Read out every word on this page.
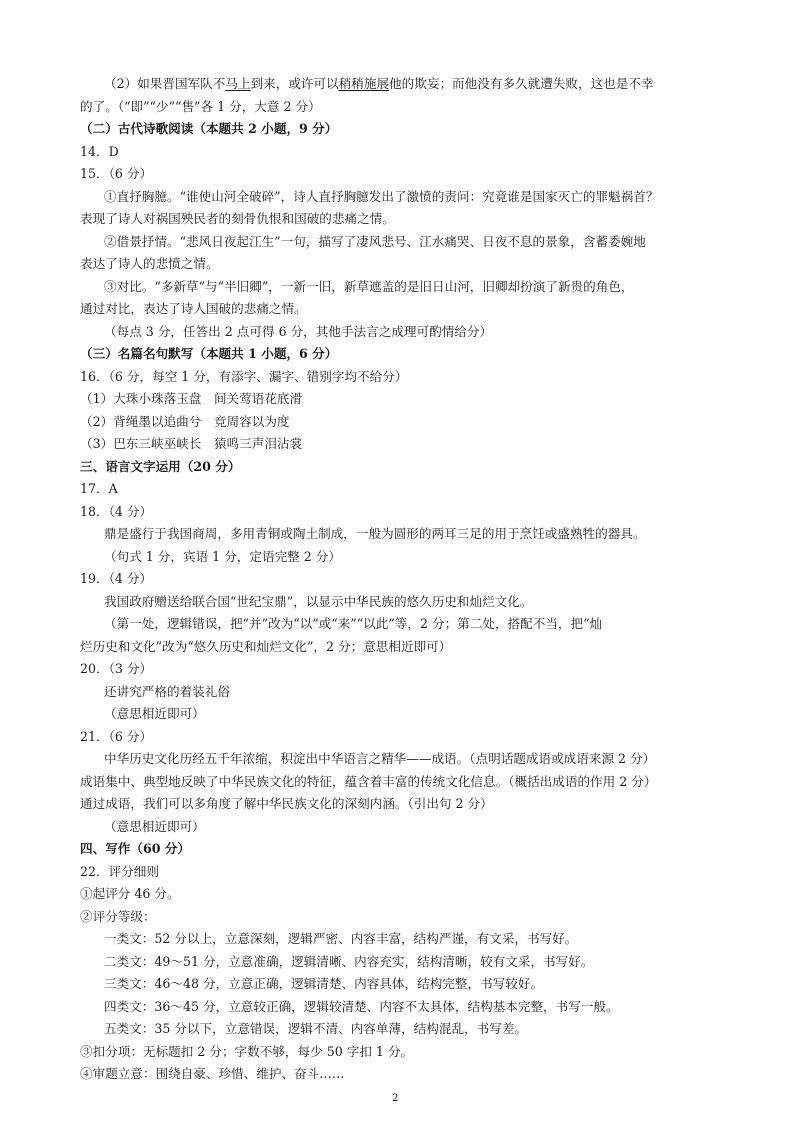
（2）如果晋国军队不马上到来，或许可以稍稍施展他的欺妄；而他没有多久就遭失败，这也是不幸
的了。（“即”“少”“售”各 1 分，大意 2 分）
（二）古代诗歌阅读（本题共 2 小题，9 分）
14．D
15．（6 分）
①直抒胸臆。“谁使山河全破碎”，诗人直抒胸臆发出了激愤的责问：究竟谁是国家灭亡的罪魁祸首？
表现了诗人对祸国殃民者的刻骨仇恨和国破的悲痛之情。
②借景抒情。“悲风日夜起江生”一句，描写了凄风悲号、江水痛哭、日夜不息的景象，含蓄委婉地
表达了诗人的悲愤之情。
③对比。“多新草”与“半旧卿”，一新一旧，新草遮盖的是旧日山河，旧卿却扮演了新贵的角色，
通过对比，表达了诗人国破的悲痛之情。
（每点 3 分，任答出 2 点可得 6 分，其他手法言之成理可酌情给分）
（三）名篇名句默写（本题共 1 小题，6 分）
16．（6 分，每空 1 分，有添字、漏字、错别字均不给分）
（1）大珠小珠落玉盘　间关莺语花底滑
（2）背绳墨以追曲兮　竞周容以为度
（3）巴东三峡巫峡长　猿鸣三声泪沾裳
三、语言文字运用（20 分）
17．A
18．（4 分）
鼎是盛行于我国商周，多用青铜或陶土制成，一般为圆形的两耳三足的用于烹饪或盛熟牲的器具。
（句式 1 分，宾语 1 分，定语完整 2 分）
19．（4 分）
我国政府赠送给联合国“世纪宝鼎”，以显示中华民族的悠久历史和灿烂文化。
（第一处，逻辑错误，把“并”改为“以”或“来”“以此”等，2 分；第二处，搭配不当，把“灿
烂历史和文化”改为“悠久历史和灿烂文化”，2 分；意思相近即可）
20．（3 分）
还讲究严格的着装礼俗
（意思相近即可）
21．（6 分）
中华历史文化历经五千年浓缩，积淀出中华语言之精华——成语。（点明话题成语或成语来源 2 分）
成语集中、典型地反映了中华民族文化的特征，蕴含着丰富的传统文化信息。（概括出成语的作用 2 分）
通过成语，我们可以多角度了解中华民族文化的深刻内涵。（引出句 2 分）
（意思相近即可）
四、写作（60 分）
22．评分细则
①起评分 46 分。
②评分等级：
一类文：52 分以上，立意深刻，逻辑严密、内容丰富，结构严谨，有文采，书写好。
二类文：49～51 分，立意准确，逻辑清晰、内容充实，结构清晰，较有文采，书写好。
三类文：46～48 分，立意正确，逻辑清楚、内容具体，结构完整，书写较好。
四类文：36～45 分，立意较正确，逻辑较清楚、内容不太具体，结构基本完整，书写一般。
五类文：35 分以下，立意错误，逻辑不清、内容单薄，结构混乱，书写差。
③扣分项：无标题扣 2 分；字数不够，每少 50 字扣 1 分。
④审题立意：围绕自豪、珍惜、维护、奋斗……
2
